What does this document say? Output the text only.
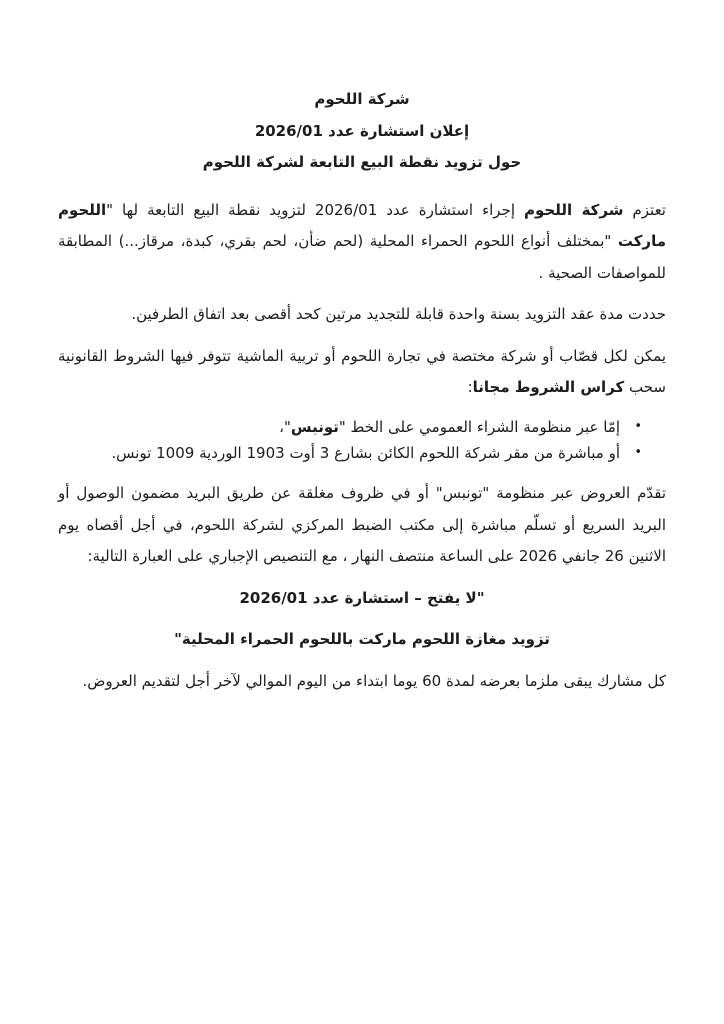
شركة اللحوم

إعلان استشارة عدد 2026/01

حول تزويد نقطة البيع التابعة لشركة اللحوم

تعتزم شركة اللحوم إجراء استشارة عدد 2026/01 لتزويد نقطة البيع التابعة لها "اللحوم ماركت "بمختلف أنواع اللحوم الحمراء المحلية (لحم ضأن، لحم بقري، كبدة، مرقاز...) المطابقة للمواصفات الصحية .

حددت مدة عقد التزويد بسنة واحدة قابلة للتجديد مرتين كحد أقصى بعد اتفاق الطرفين.

يمكن لكل قصّاب أو شركة مختصة في تجارة اللحوم أو تربية الماشية تتوفر فيها الشروط القانونية سحب كراس الشروط مجانا:

•
إمّا عبر منظومة الشراء العمومي على الخط "تونبس"،
•
أو مباشرة من مقر شركة اللحوم الكائن بشارع 3 أوت 1903 الوردية 1009 تونس.

تقدّم العروض عبر منظومة "تونبس" أو في ظروف مغلقة عن طريق البريد مضمون الوصول أو البريد السريع أو تسلّم مباشرة إلى مكتب الضبط المركزي لشركة اللحوم، في أجل أقصاه يوم الاثنين 26 جانفي 2026 على الساعة منتصف النهار ، مع التنصيص الإجباري على العبارة التالية:

"لا يفتح – استشارة عدد 2026/01

تزويد مغازة اللحوم ماركت باللحوم الحمراء المحلية"

كل مشارك يبقى ملزما بعرضه لمدة 60 يوما ابتداء من اليوم الموالي لآخر أجل لتقديم العروض.
